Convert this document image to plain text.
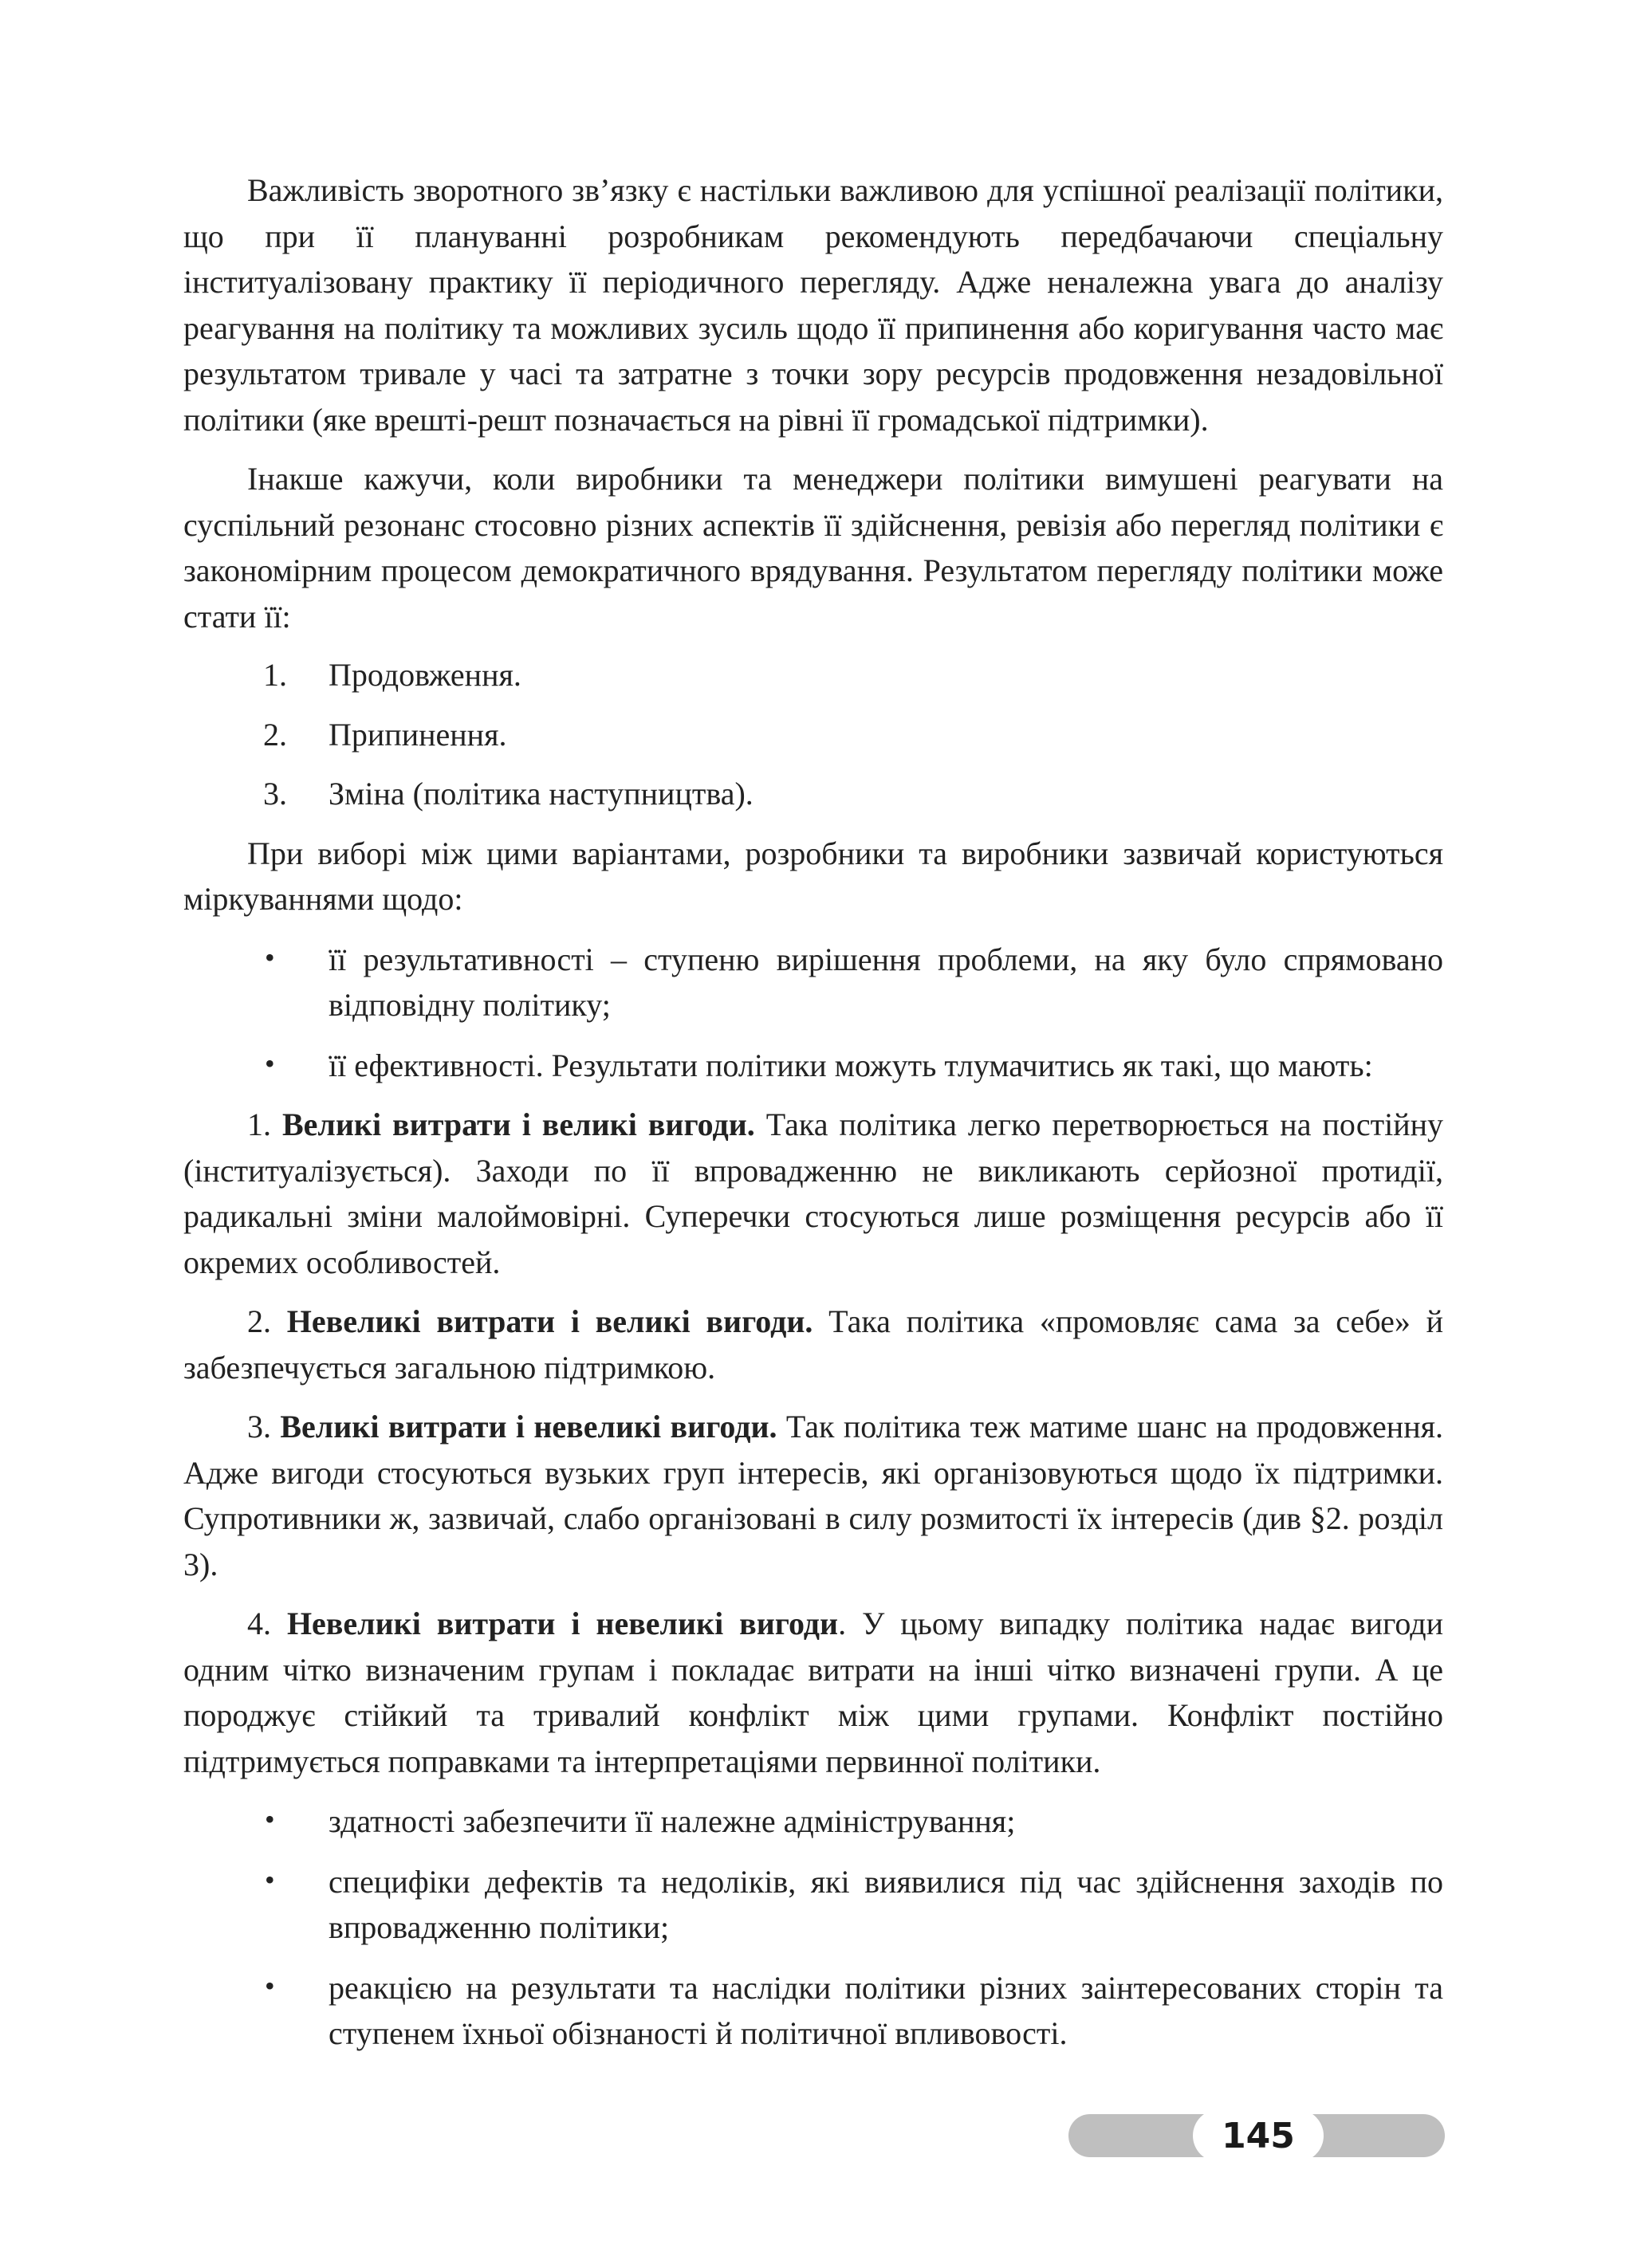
Важливість зворотного зв’язку є настільки важливою для успішної реалізації політики, що при її плануванні розробникам рекомендують передбачаючи спеціальну інституалізовану практику її періодичного перегляду. Адже неналежна увага до аналізу реагування на політику та можливих зусиль щодо її припинення або коригування часто має результатом тривале у часі та затратне з точки зору ресурсів продовження незадовільної політики (яке врешті-решт позначається на рівні її громадської підтримки).

Інакше кажучи, коли виробники та менеджери політики вимушені реагувати на суспільний резонанс стосовно різних аспектів її здійснення, ревізія або перегляд політики є закономірним процесом демократичного врядування. Результатом перегляду політики може стати її:

1. Продовження.
2. Припинення.
3. Зміна (політика наступництва).

При виборі між цими варіантами, розробники та виробники зазвичай користуються міркуваннями щодо:

• її результативності – ступеню вирішення проблеми, на яку було спрямовано відповідну політику;
• її ефективності. Результати політики можуть тлумачитись як такі, що мають:

1. Великі витрати і великі вигоди. Така політика легко перетворюється на постійну (інституалізується). Заходи по її впровадженню не викликають серйозної протидії, радикальні зміни малоймовірні. Суперечки стосуються лише розміщення ресурсів або її окремих особливостей.

2. Невеликі витрати і великі вигоди. Така політика «промовляє сама за себе» й забезпечується загальною підтримкою.

3. Великі витрати і невеликі вигоди. Так політика теж матиме шанс на продовження. Адже вигоди стосуються вузьких груп інтересів, які організовуються щодо їх підтримки. Супротивники ж, зазвичай, слабо організовані в силу розмитості їх інтересів (див §2. розділ 3).

4. Невеликі витрати і невеликі вигоди. У цьому випадку політика надає вигоди одним чітко визначеним групам і покладає витрати на інші чітко визначені групи. А це породжує стійкий та тривалий конфлікт між цими групами. Конфлікт постійно підтримується поправками та інтерпретаціями первинної політики.

• здатності забезпечити її належне адміністрування;
• специфіки дефектів та недоліків, які виявилися під час здійснення заходів по впровадженню політики;
• реакцією на результати та наслідки політики різних заінтересованих сторін та ступенем їхньої обізнаності й політичної впливовості.
145
